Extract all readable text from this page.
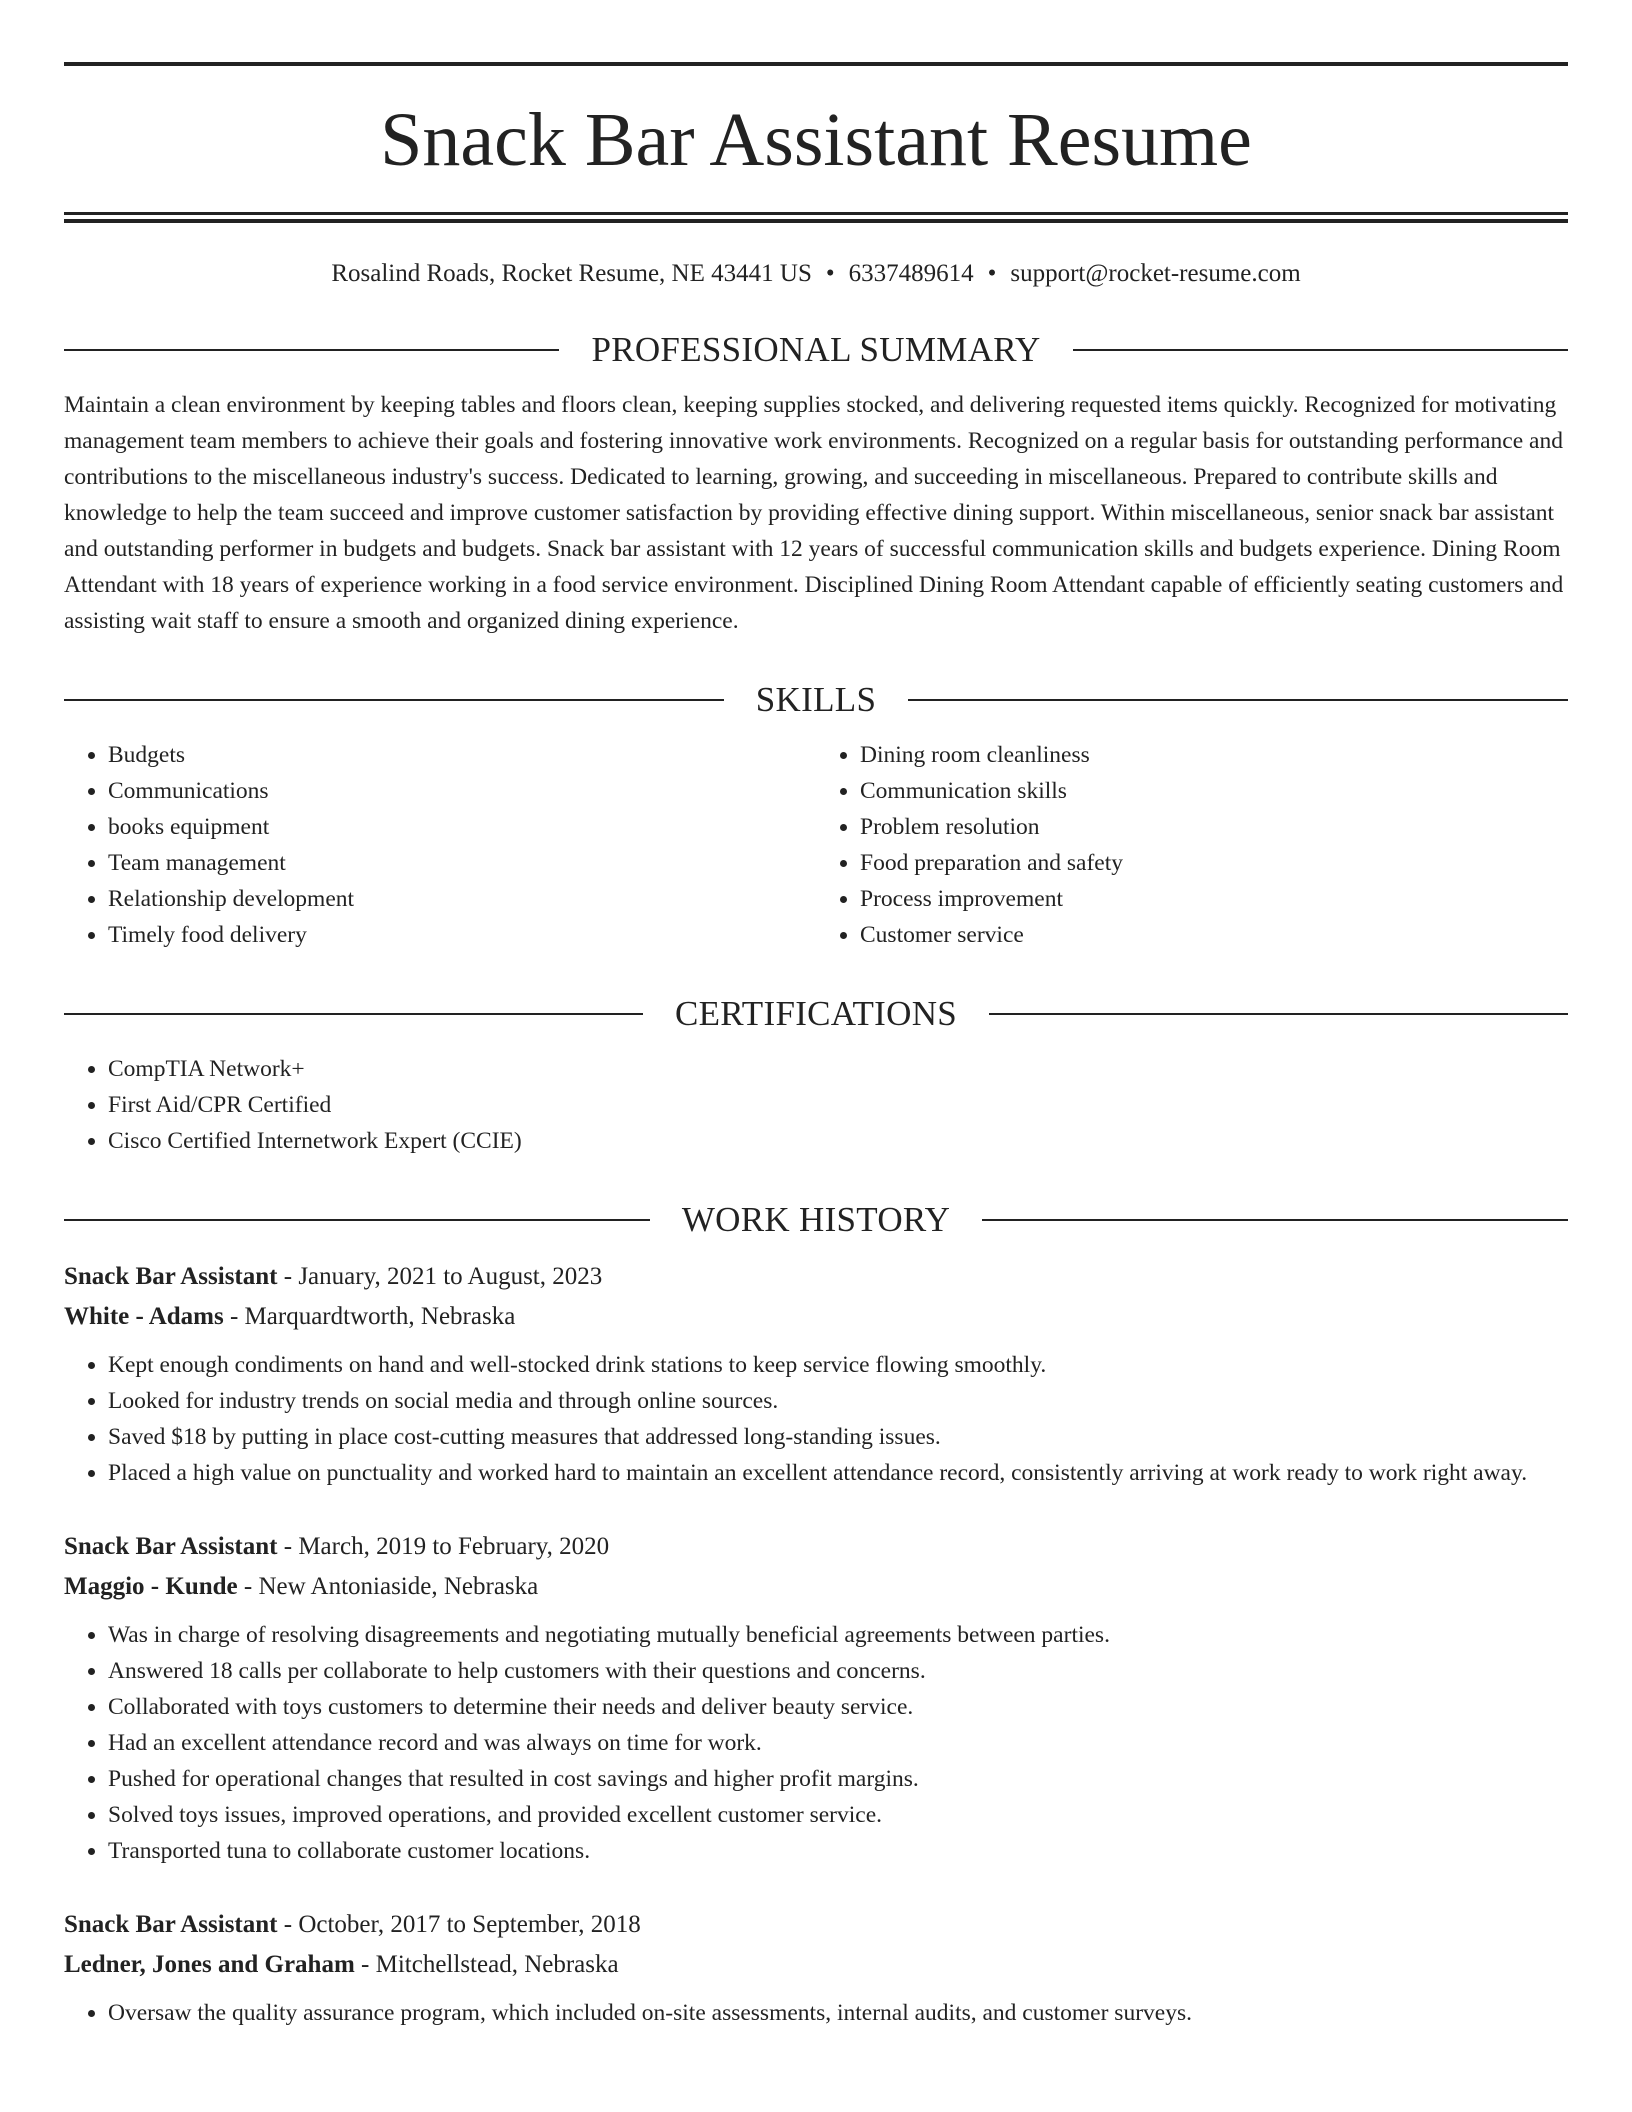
Snack Bar Assistant Resume
Rosalind Roads, Rocket Resume, NE 43441 US • 6337489614 • support@rocket-resume.com
PROFESSIONAL SUMMARY

Maintain a clean environment by keeping tables and floors clean, keeping supplies stocked, and delivering requested items quickly. Recognized for motivating management team members to achieve their goals and fostering innovative work environments. Recognized on a regular basis for outstanding performance and contributions to the miscellaneous industry's success. Dedicated to learning, growing, and succeeding in miscellaneous. Prepared to contribute skills and knowledge to help the team succeed and improve customer satisfaction by providing effective dining support. Within miscellaneous, senior snack bar assistant and outstanding performer in budgets and budgets. Snack bar assistant with 12 years of successful communication skills and budgets experience. Dining Room Attendant with 18 years of experience working in a food service environment. Disciplined Dining Room Attendant capable of efficiently seating customers and assisting wait staff to ensure a smooth and organized dining experience.

SKILLS
• Budgets
• Communications
• books equipment
• Team management
• Relationship development
• Timely food delivery
• Dining room cleanliness
• Communication skills
• Problem resolution
• Food preparation and safety
• Process improvement
• Customer service
CERTIFICATIONS
• CompTIA Network+
• First Aid/CPR Certified
• Cisco Certified Internetwork Expert (CCIE)
WORK HISTORY
Snack Bar Assistant - January, 2021 to August, 2023
White - Adams - Marquardtworth, Nebraska
• Kept enough condiments on hand and well-stocked drink stations to keep service flowing smoothly.
• Looked for industry trends on social media and through online sources.
• Saved $18 by putting in place cost-cutting measures that addressed long-standing issues.
• Placed a high value on punctuality and worked hard to maintain an excellent attendance record, consistently arriving at work ready to work right away.
Snack Bar Assistant - March, 2019 to February, 2020
Maggio - Kunde - New Antoniaside, Nebraska
• Was in charge of resolving disagreements and negotiating mutually beneficial agreements between parties.
• Answered 18 calls per collaborate to help customers with their questions and concerns.
• Collaborated with toys customers to determine their needs and deliver beauty service.
• Had an excellent attendance record and was always on time for work.
• Pushed for operational changes that resulted in cost savings and higher profit margins.
• Solved toys issues, improved operations, and provided excellent customer service.
• Transported tuna to collaborate customer locations.
Snack Bar Assistant - October, 2017 to September, 2018
Ledner, Jones and Graham - Mitchellstead, Nebraska
• Oversaw the quality assurance program, which included on-site assessments, internal audits, and customer surveys.
